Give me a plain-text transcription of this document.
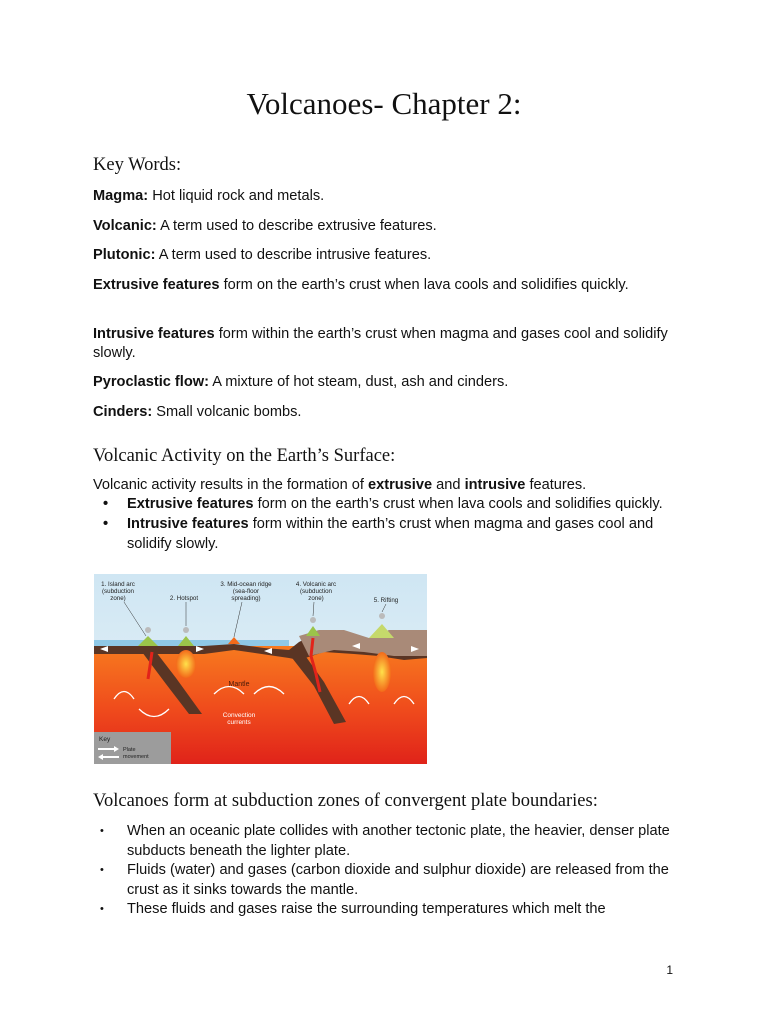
Volcanoes- Chapter 2:
Key Words:
Magma: Hot liquid rock and metals.
Volcanic: A term used to describe extrusive features.
Plutonic: A term used to describe intrusive features.
Extrusive features form on the earth’s crust when lava cools and solidifies quickly.
Intrusive features form within the earth’s crust when magma and gases cool and solidify slowly.
Pyroclastic flow: A mixture of hot steam, dust, ash and cinders.
Cinders: Small volcanic bombs.
Volcanic Activity on the Earth’s Surface:
Volcanic activity results in the formation of extrusive and intrusive features.
• Extrusive features form on the earth’s crust when lava cools and solidifies quickly.
• Intrusive features form within the earth’s crust when magma and gases cool and solidify slowly.
1. Island arc
(subduction
zone)	2. Hotspot
3. Mid-ocean ridge
(sea-floor
spreading)
4. Volcanic arc
(subduction
zone)	5. Rifting
Mantle
Convection
currents
Key
Plate
movement
Volcanoes form at subduction zones of convergent plate boundaries:
• When an oceanic plate collides with another tectonic plate, the heavier, denser plate subducts beneath the lighter plate.
• Fluids (water) and gases (carbon dioxide and sulphur dioxide) are released from the crust as it sinks towards the mantle.
• These fluids and gases raise the surrounding temperatures which melt the
1
